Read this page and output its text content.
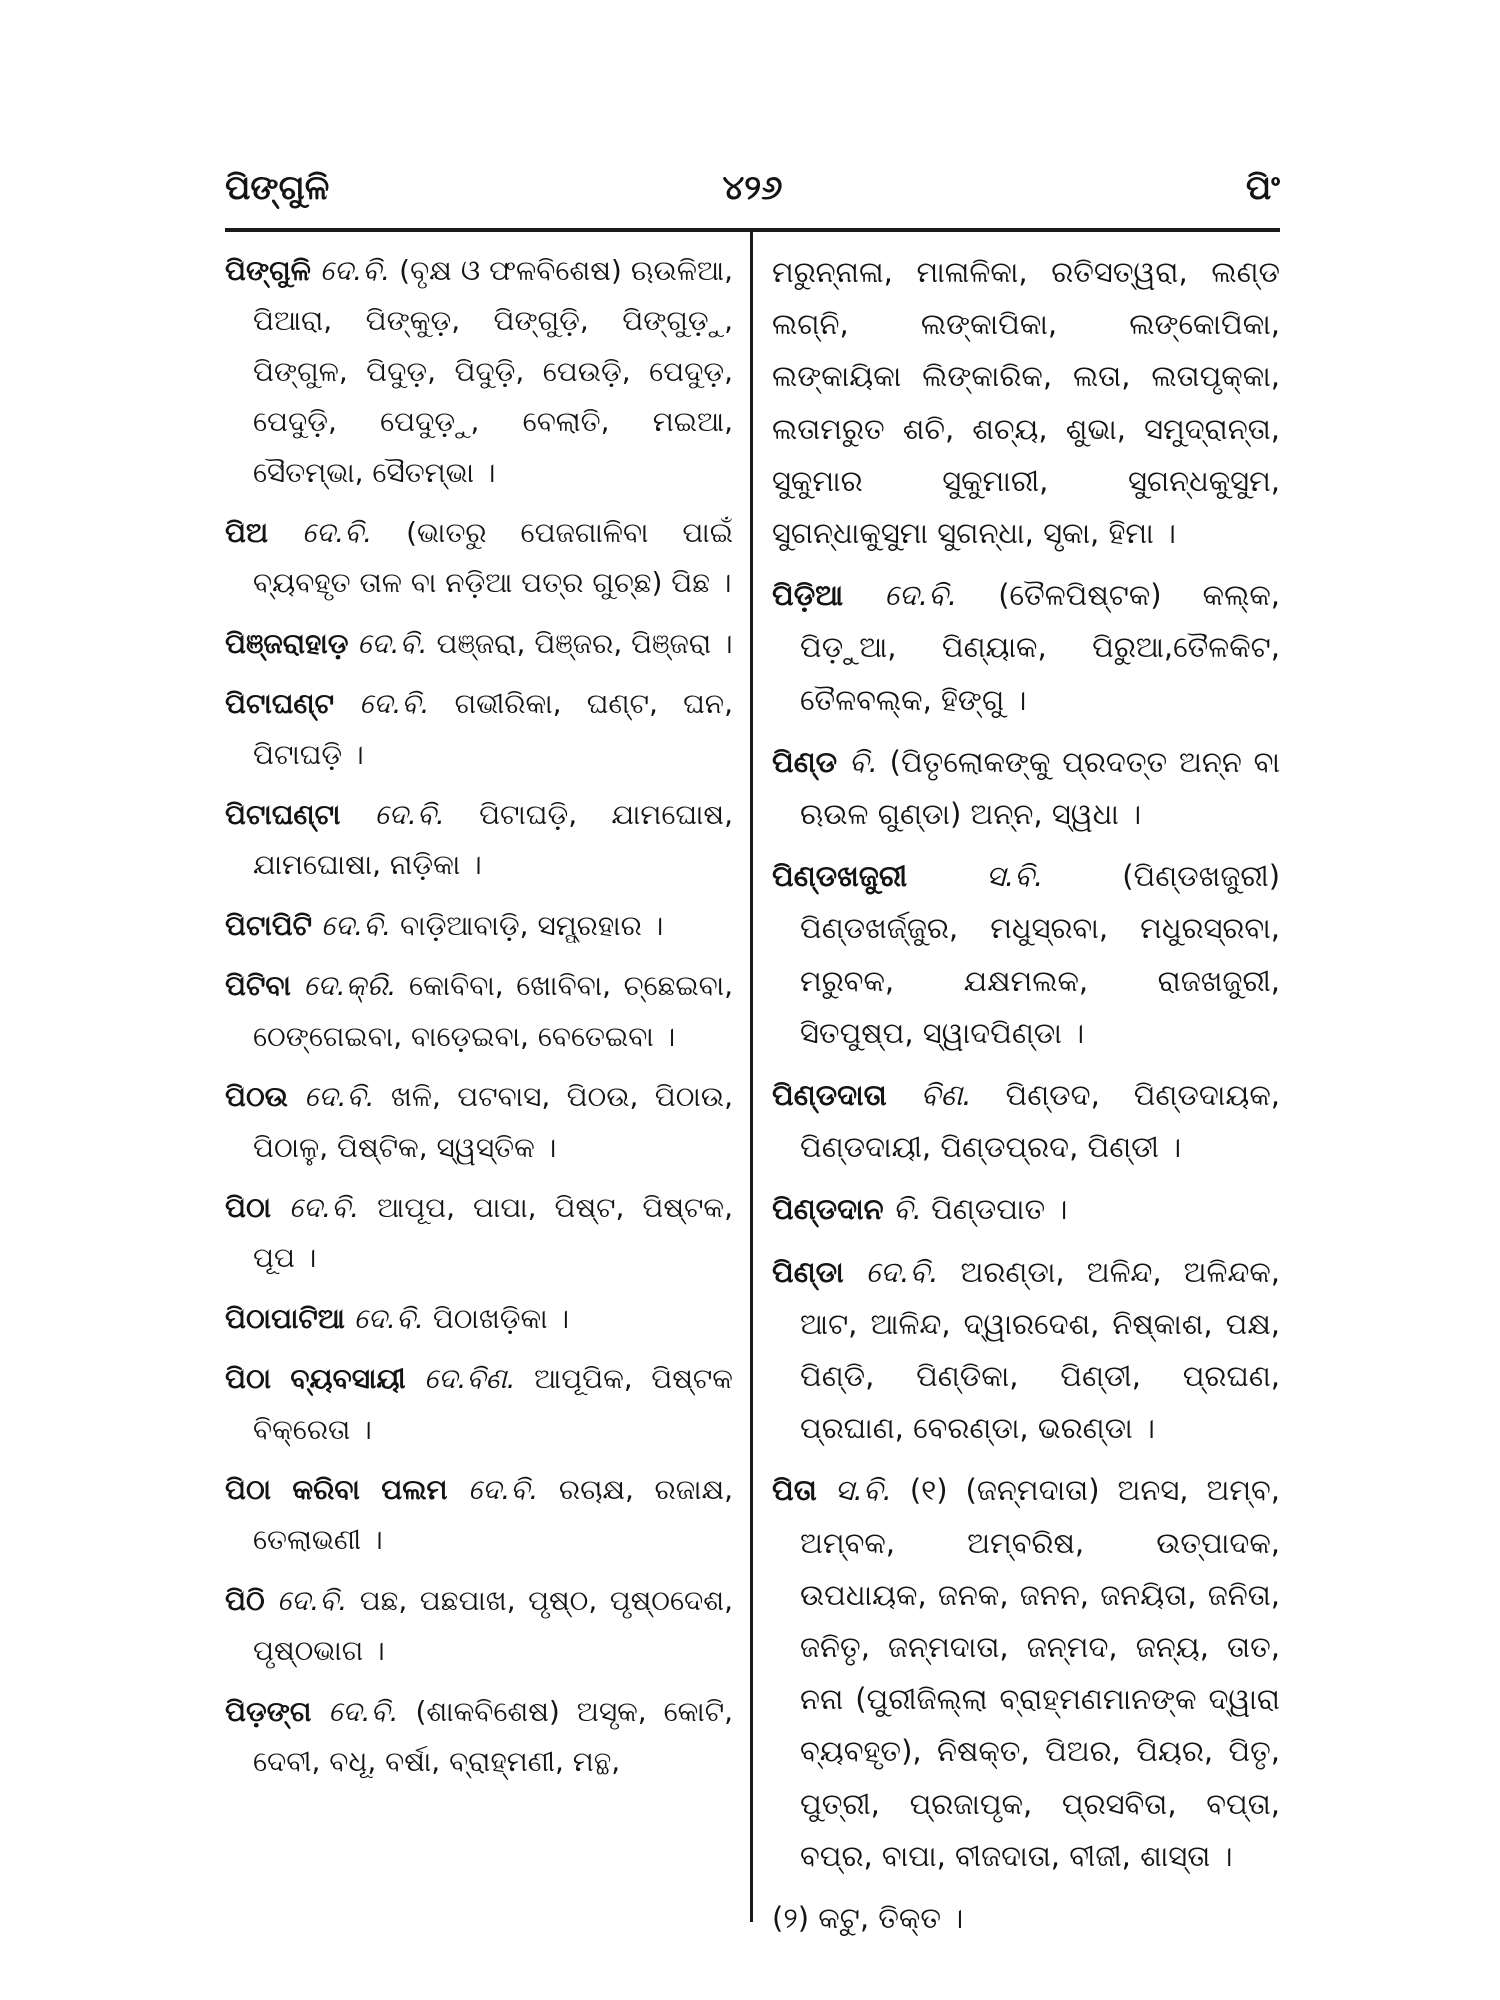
ପିଙ୍ଗୁଳି	୪୨୬	ପିଂ

ପିଙ୍ଗୁଳି ଦେ.ବି. (ବୃକ୍ଷ ଓ ଫଳବିଶେଷ) ଋଉଳିଆ, ପିଆରା, ପିଙ୍କୁଡ଼, ପିଙ୍ଗୁଡ଼ି, ପିଙ୍ଗୁଡ଼ୁ, ପିଙ୍ଗୁଳ, ପିଦୁଡ଼, ପିଦୁଡ଼ି, ପେଉଡ଼ି, ପେଦୁଡ଼, ପେଦୁଡ଼ି, ପେଦୁଡ଼ୁ, ବେଲାତି, ମଇଆ, ସୈତମ୍ଭା, ସୈତମ୍ଭା ।

ପିଅ ଦେ.ବି. (ଭାତରୁ ପେଜଗାଳିବା ପାଇଁ ବ୍ୟବହୃତ ତାଳ ବା ନଡ଼ିଆ ପତ୍ର ଗୁଚ୍ଛ) ପିଛ ।

ପିଞ୍ଜରାହାଡ଼ ଦେ.ବି. ପଞ୍ଜରା, ପିଞ୍ଜର, ପିଞ୍ଜରା ।

ପିଟାଘଣ୍ଟ ଦେ.ବି. ଗଭୀରିକା, ଘଣ୍ଟ, ଘନ, ପିଟାଘଡ଼ି ।

ପିଟାଘଣ୍ଟା ଦେ.ବି. ପିଟାଘଡ଼ି, ଯାମଘୋଷ, ଯାମଘୋଷା, ନାଡ଼ିକା ।

ପିଟାପିଟି ଦେ.ବି. ବାଡ଼ିଆବାଡ଼ି, ସମ୍ପ୍ରହାର ।

ପିଟିବା ଦେ.କ୍ରି. କୋବିବା, ଖୋବିବା, ଚ୍ଛେଇବା, ଠେଙ୍ଗେଇବା, ବାଡ଼େଇବା, ବେତେଇବା ।

ପିଠଉ ଦେ.ବି. ଖଳି, ପଟବାସ, ପିଠଉ, ପିଠାଉ, ପିଠାଳୁ, ପିଷ୍ଟିକ, ସ୍ୱସ୍ତିକ ।

ପିଠା ଦେ.ବି. ଆପୂପ, ପାପା, ପିଷ୍ଟ, ପିଷ୍ଟକ, ପୂପ ।

ପିଠାପାଟିଆ ଦେ.ବି. ପିଠାଖଡ଼ିକା ।

ପିଠା ବ୍ୟବସାୟୀ ଦେ.ବିଣ. ଆପୂପିକ, ପିଷ୍ଟକ ବିକ୍ରେତା ।

ପିଠା କରିବା ପଲମ ଦେ.ବି. ରଚାକ୍ଷ, ରଜାକ୍ଷ, ତେଲାଭଣୀ ।

ପିଠି ଦେ.ବି. ପଛ, ପଛପାଖ, ପୃଷ୍ଠ, ପୃଷ୍ଠଦେଶ, ପୃଷ୍ଠଭାଗ ।

ପିଡ଼ଙ୍ଗ ଦେ.ବି. (ଶାକବିଶେଷ) ଅସୃକ, କୋଟି, ଦେବୀ, ବଧୂ, ବର୍ଷା, ବ୍ରାହ୍ମଣୀ, ମନ୍ଥ,

ମରୁନ୍ନାଳା, ମାଳାଳିକା, ରତିସତ୍ୱରା, ଲଣ୍ଡ ଲଗ୍ନି, ଲଙ୍କାପିକା, ଲଙ୍କୋପିକା, ଲଙ୍କାୟିକା ଲିଙ୍କାରିକ, ଲତା, ଲତାପୃକ୍କା, ଲତାମରୁତ ଶଚି, ଶଚ୍ୟ, ଶୁଭା, ସମୁଦ୍ରାନ୍ତା, ସୁକୁମାର ସୁକୁମାରୀ, ସୁଗନ୍ଧକୁସୁମ, ସୁଗନ୍ଧାକୁସୁମା ସୁଗନ୍ଧା, ସୃକା, ହିମା ।

ପିଡ଼ିଆ ଦେ.ବି. (ତୈଳପିଷ୍ଟକ) କଲ୍କ, ପିଡ଼ୁଆ, ପିଣ୍ୟାକ, ପିରୁଆ,ତୈଳକିଟ, ତୈଳବଲ୍କ, ହିଙ୍ଗୁ ।

ପିଣ୍ଡ ବି. (ପିତୃଲୋକଙ୍କୁ ପ୍ରଦତ୍ତ ଅନ୍ନ ବା ଋଉଳ ଗୁଣ୍ଡା) ଅନ୍ନ, ସ୍ୱଧା ।

ପିଣ୍ଡଖଜୁରୀ	ସ.ବି.	(ପିଣ୍ଡଖଜୁରୀ) ପିଣ୍ଡଖର୍ଜ୍ଜୁର, ମଧୁସ୍ରବା, ମଧୁରସ୍ରବା, ମରୁବକ, ଯକ୍ଷମଲକ, ରାଜଖଜୁରୀ, ସିତପୁଷ୍ପ, ସ୍ୱାଦପିଣ୍ଡା ।

ପିଣ୍ଡଦାତା ବିଣ. ପିଣ୍ଡଦ, ପିଣ୍ଡଦାୟକ, ପିଣ୍ଡଦାୟୀ, ପିଣ୍ଡପ୍ରଦ, ପିଣ୍ଡୀ ।

ପିଣ୍ଡଦାନ ବି. ପିଣ୍ଡପାତ ।

ପିଣ୍ଡା ଦେ.ବି. ଅରଣ୍ଡା, ଅଳିନ୍ଦ, ଅଳିନ୍ଦକ, ଆଟ, ଆଳିନ୍ଦ, ଦ୍ୱାରଦେଶ, ନିଷ୍କାଶ, ପକ୍ଷ, ପିଣ୍ଡି, ପିଣ୍ଡିକା, ପିଣ୍ଡୀ, ପ୍ରଘଣ, ପ୍ରଘାଣ, ବେରଣ୍ଡା, ଭରଣ୍ଡା ।

ପିତା ସ.ବି. (୧) (ଜନ୍ମଦାତା) ଅନସ, ଅମ୍ବ, ଅମ୍ବକ, ଅମ୍ବରିଷ, ଉତ୍ପାଦକ, ଉପଧାୟକ, ଜନକ, ଜନନ, ଜନୟିତା, ଜନିତା, ଜନିତୃ, ଜନ୍ମଦାତା, ଜନ୍ମଦ, ଜନ୍ୟ, ତାତ, ନନା (ପୁରୀଜିଲ୍ଲା ବ୍ରାହ୍ମଣମାନଙ୍କ ଦ୍ୱାରା ବ୍ୟବହୃତ), ନିଷକ୍ତ, ପିଅର, ପିୟର, ପିତୃ, ପୁତ୍ରୀ, ପ୍ରଜାପୃକ, ପ୍ରସବିତା, ବପ୍ତା, ବପ୍ର, ବାପା, ବୀଜଦାତା, ବୀଜୀ, ଶାସ୍ତା ।

(୨) କଟୁ, ତିକ୍ତ ।
